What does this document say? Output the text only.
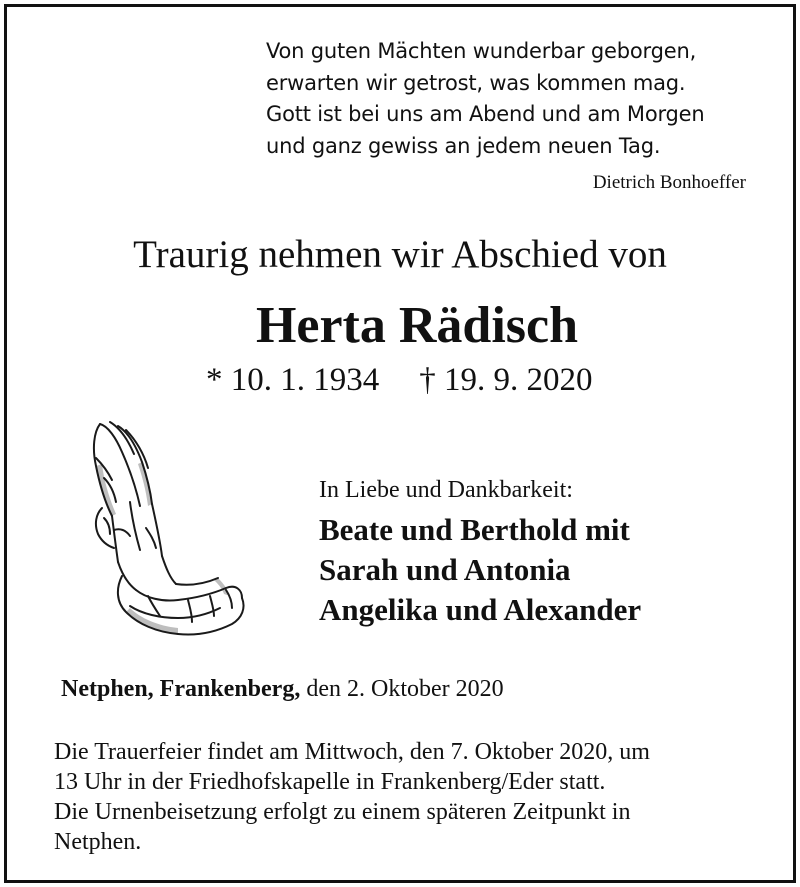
Von guten Mächten wunderbar geborgen,
erwarten wir getrost, was kommen mag.
Gott ist bei uns am Abend und am Morgen
und ganz gewiss an jedem neuen Tag.
Dietrich Bonhoeffer
Traurig nehmen wir Abschied von
Herta Rädisch
* 10. 1. 1934 † 19. 9. 2020
In Liebe und Dankbarkeit:
Beate und Berthold mit
Sarah und Antonia
Angelika und Alexander
Netphen, Frankenberg, den 2. Oktober 2020
Die Trauerfeier findet am Mittwoch, den 7. Oktober 2020, um
13 Uhr in der Friedhofskapelle in Frankenberg/Eder statt.
Die Urnenbeisetzung erfolgt zu einem späteren Zeitpunkt in
Netphen.
